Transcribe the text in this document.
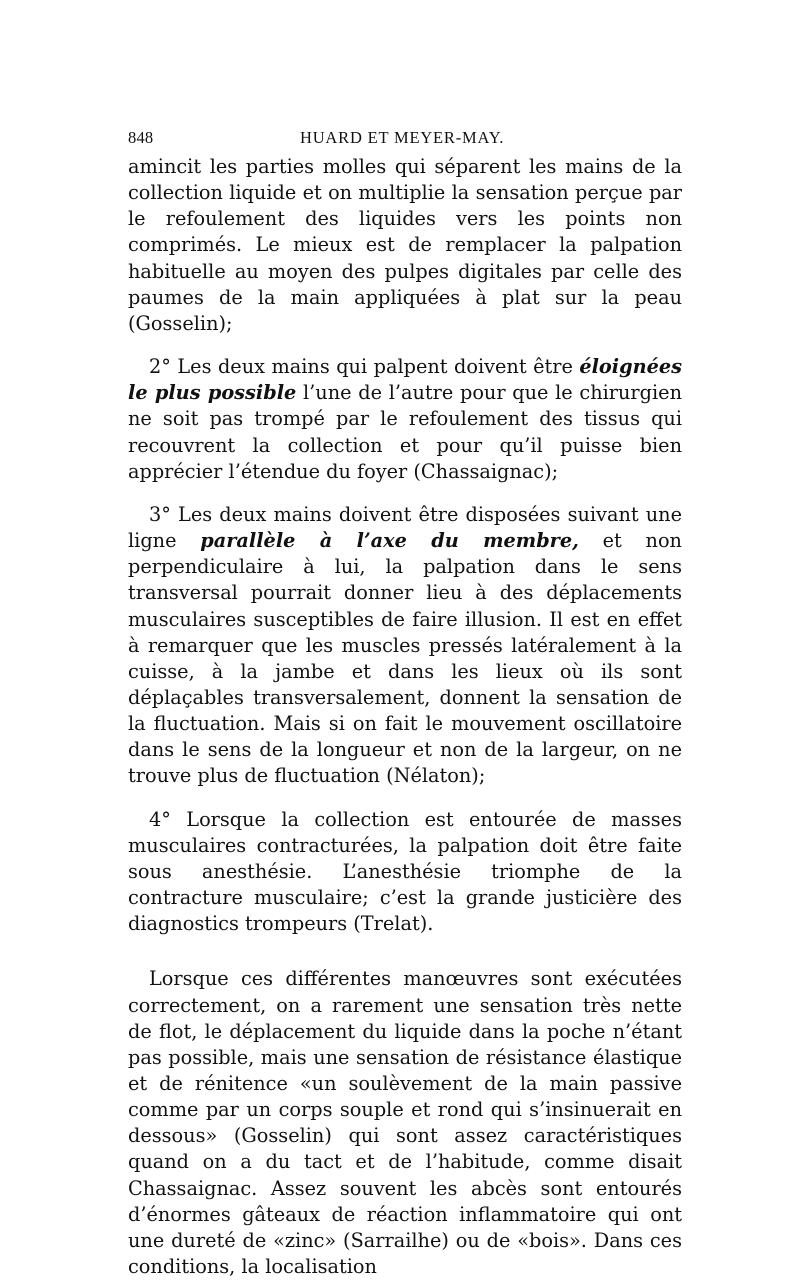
848	HUARD ET MEYER-MAY.

amincit les parties molles qui séparent les mains de la collection liquide et on multiplie la sensation perçue par le refoulement des liquides vers les points non comprimés. Le mieux est de remplacer la palpation habituelle au moyen des pulpes digitales par celle des paumes de la main appliquées à plat sur la peau (Gosselin);

2° Les deux mains qui palpent doivent être éloignées le plus possible l’une de l’autre pour que le chirurgien ne soit pas trompé par le refoulement des tissus qui recouvrent la collection et pour qu’il puisse bien apprécier l’étendue du foyer (Chassaignac);

3° Les deux mains doivent être disposées suivant une ligne parallèle à l’axe du membre, et non perpendiculaire à lui, la palpation dans le sens transversal pourrait donner lieu à des déplacements musculaires susceptibles de faire illusion. Il est en effet à remarquer que les muscles pressés latéralement à la cuisse, à la jambe et dans les lieux où ils sont déplaçables transversalement, donnent la sensation de la fluctuation. Mais si on fait le mouvement oscillatoire dans le sens de la longueur et non de la largeur, on ne trouve plus de fluctuation (Nélaton);

4° Lorsque la collection est entourée de masses musculaires contracturées, la palpation doit être faite sous anesthésie. L’anesthésie triomphe de la contracture musculaire; c’est la grande justicière des diagnostics trompeurs (Trelat).

Lorsque ces différentes manœuvres sont exécutées correctement, on a rarement une sensation très nette de flot, le déplacement du liquide dans la poche n’étant pas possible, mais une sensation de résistance élastique et de rénitence «un soulèvement de la main passive comme par un corps souple et rond qui s’insinuerait en dessous» (Gosselin) qui sont assez caractéristiques quand on a du tact et de l’habitude, comme disait Chassaignac. Assez souvent les abcès sont entourés d’énormes gâteaux de réaction inflammatoire qui ont une dureté de «zinc» (Sarrailhe) ou de «bois». Dans ces conditions, la localisation
